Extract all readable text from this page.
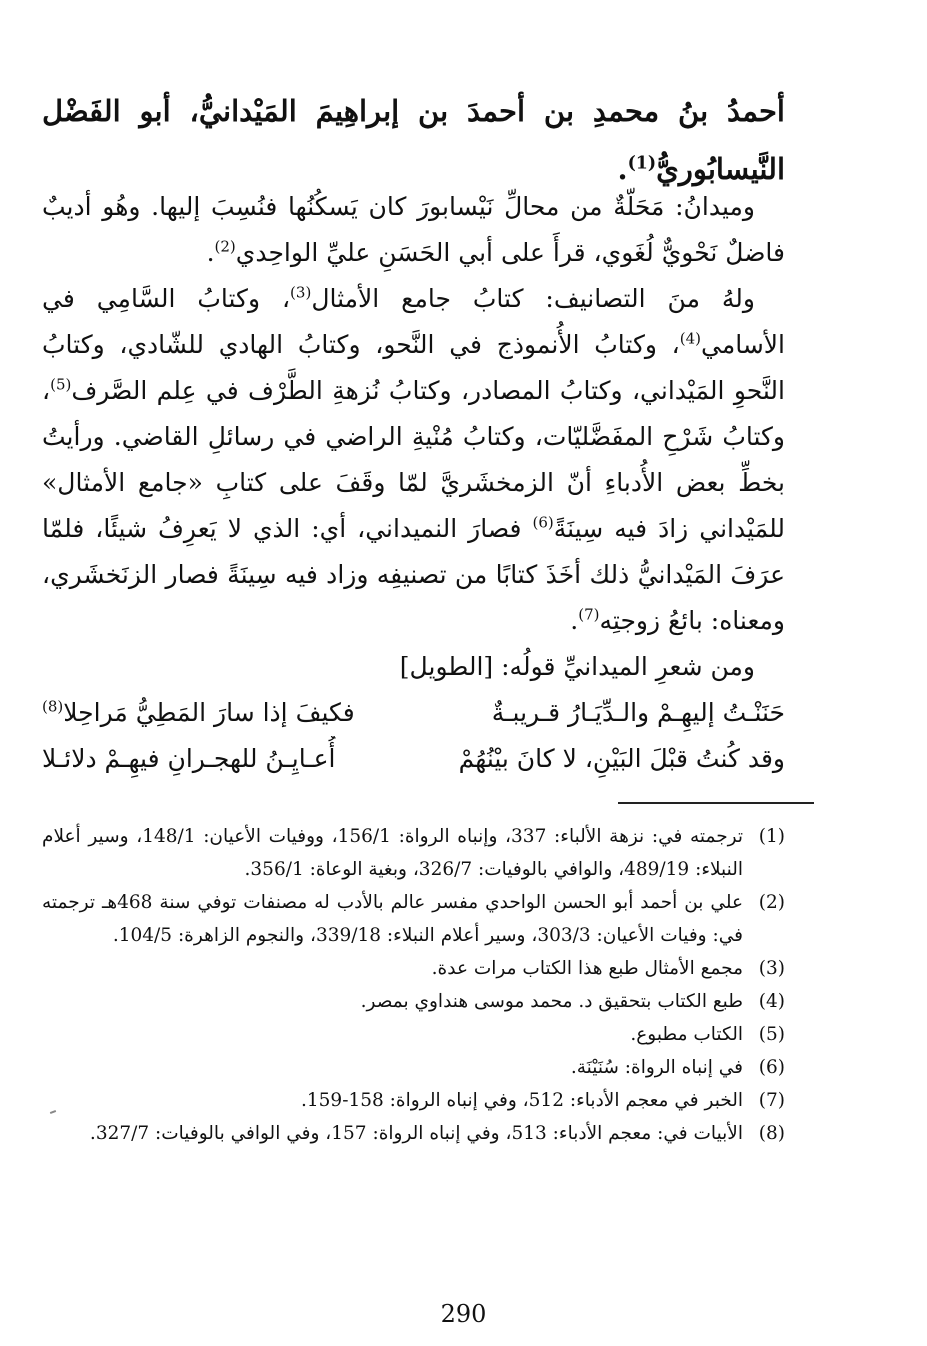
أحمدُ بنُ محمدِ بن أحمدَ بن إبراهِيمَ المَيْدانيُّ، أبو الفَضْل النَّيسابُوريُّ$^{(1)}$.

وميدانُ: مَحَلّةٌ من محالِّ نَيْسابورَ كان يَسكُنُها فنُسِبَ إليها. وهُو أديبٌ فاضلٌ نَحْويٌّ لُغَوي، قرأَ على أبي الحَسَنِ عليِّ الواحِدي$^{(2)}$.

ولهُ منَ التصانيف: كتابُ جامع الأمثال$^{(3)}$، وكتابُ السَّامِي في الأسامي$^{(4)}$، وكتابُ الأُنموذج في النَّحو، وكتابُ الهادي للشّادي، وكتابُ النَّحوِ المَيْداني، وكتابُ المصادر، وكتابُ نُزهةِ الطَّرْف في عِلم الصَّرف$^{(5)}$، وكتابُ شَرْحِ المفَضَّليّات، وكتابُ مُنْيةِ الراضي في رسائلِ القاضي. ورأيتُ بخطِّ بعض الأُدباءِ أنّ الزمخشَريَّ لمّا وقَفَ على كتابِ «جامع الأمثال» للمَيْداني زادَ فيه سِينَةً$^{(6)}$ فصارَ النميداني، أي: الذي لا يَعرِفُ شيئًا، فلمّا عرَفَ المَيْدانيُّ ذلك أخَذَ كتابًا من تصنيفِه وزاد فيه سِينَةً فصار الزنَخشَري، ومعناه: بائعُ زوجتِه$^{(7)}$.

ومن شعرِ الميدانيِّ قولُه: [الطويل]

حَنَنْـتُ إليهِـمْ والـدِّيَـارُ قـريبـةٌ
فكيفَ إذا سارَ المَطِيُّ مَراحِلا$^{(8)}$
وقد كُنتُ قبْلَ البَيْنِ، لا كانَ بيْنُهُمْ
أُعـايِـنُ للهجـرانِ فيهِـمْ دلائـلا
(1)
ترجمته في: نزهة الألباء: 337، وإنباه الرواة: 156/1، ووفيات الأعيان: 148/1، وسير أعلام النبلاء: 489/19، والوافي بالوفيات: 326/7، وبغية الوعاة: 356/1.
(2)
علي بن أحمد أبو الحسن الواحدي مفسر عالم بالأدب له مصنفات توفي سنة 468هـ ترجمته في: وفيات الأعيان: 303/3، وسير أعلام النبلاء: 339/18، والنجوم الزاهرة: 104/5.
(3)
مجمع الأمثال طبع هذا الكتاب مرات عدة.
(4)
طبع الكتاب بتحقيق د. محمد موسى هنداوي بمصر.
(5)
الكتاب مطبوع.
(6)
في إنباه الرواة: سُنَيْنَة.
(7)
الخبر في معجم الأدباء: 512، وفي إنباه الرواة: 158-159.
(8)
الأبيات في: معجم الأدباء: 513، وفي إنباه الرواة: 157، وفي الوافي بالوفيات: 327/7.
290
